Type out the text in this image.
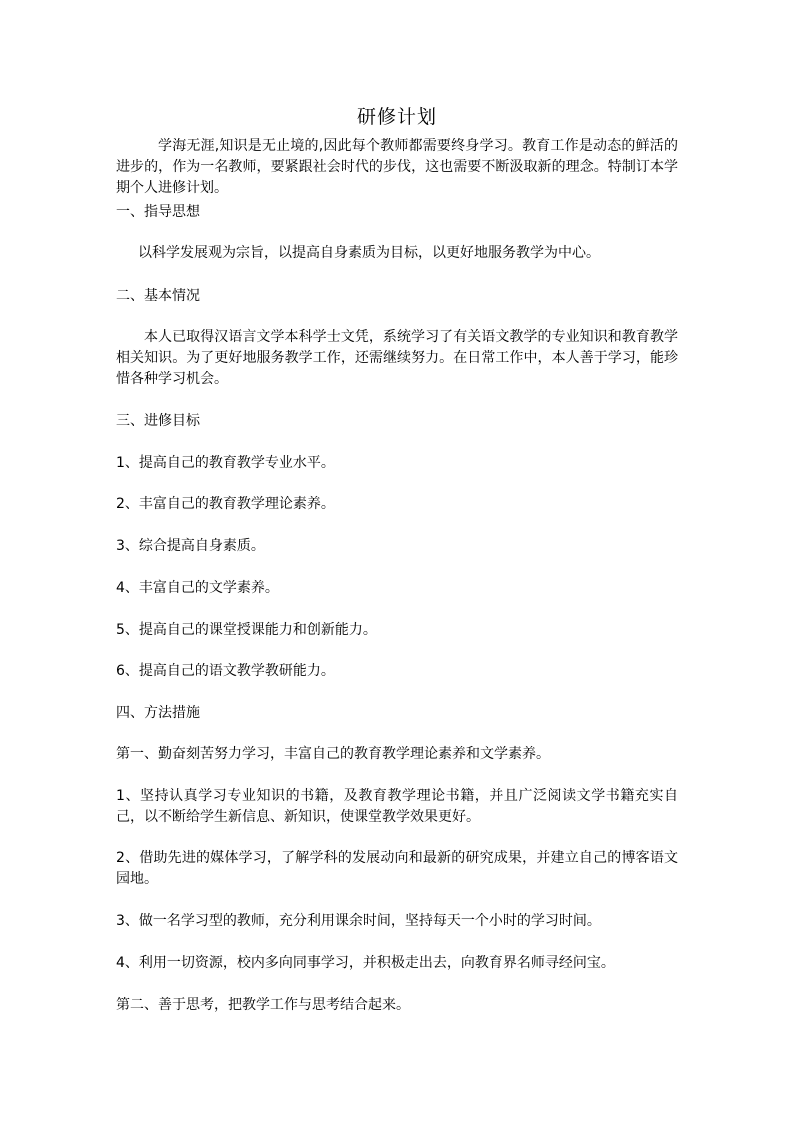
研修计划

学海无涯,知识是无止境的,因此每个教师都需要终身学习。教育工作是动态的鲜活的进步的，作为一名教师，要紧跟社会时代的步伐，这也需要不断汲取新的理念。特制订本学期个人进修计划。

一、指导思想

以科学发展观为宗旨，以提高自身素质为目标，以更好地服务教学为中心。

二、基本情况

本人已取得汉语言文学本科学士文凭，系统学习了有关语文教学的专业知识和教育教学相关知识。为了更好地服务教学工作，还需继续努力。在日常工作中，本人善于学习，能珍惜各种学习机会。

三、进修目标

1、提高自己的教育教学专业水平。

2、丰富自己的教育教学理论素养。

3、综合提高自身素质。

4、丰富自己的文学素养。

5、提高自己的课堂授课能力和创新能力。

6、提高自己的语文教学教研能力。

四、方法措施

第一、勤奋刻苦努力学习，丰富自己的教育教学理论素养和文学素养。

1、坚持认真学习专业知识的书籍，及教育教学理论书籍，并且广泛阅读文学书籍充实自己，以不断给学生新信息、新知识，使课堂教学效果更好。

2、借助先进的媒体学习，了解学科的发展动向和最新的研究成果，并建立自己的博客语文园地。

3、做一名学习型的教师，充分利用课余时间，坚持每天一个小时的学习时间。

4、利用一切资源，校内多向同事学习，并积极走出去，向教育界名师寻经问宝。

第二、善于思考，把教学工作与思考结合起来。
